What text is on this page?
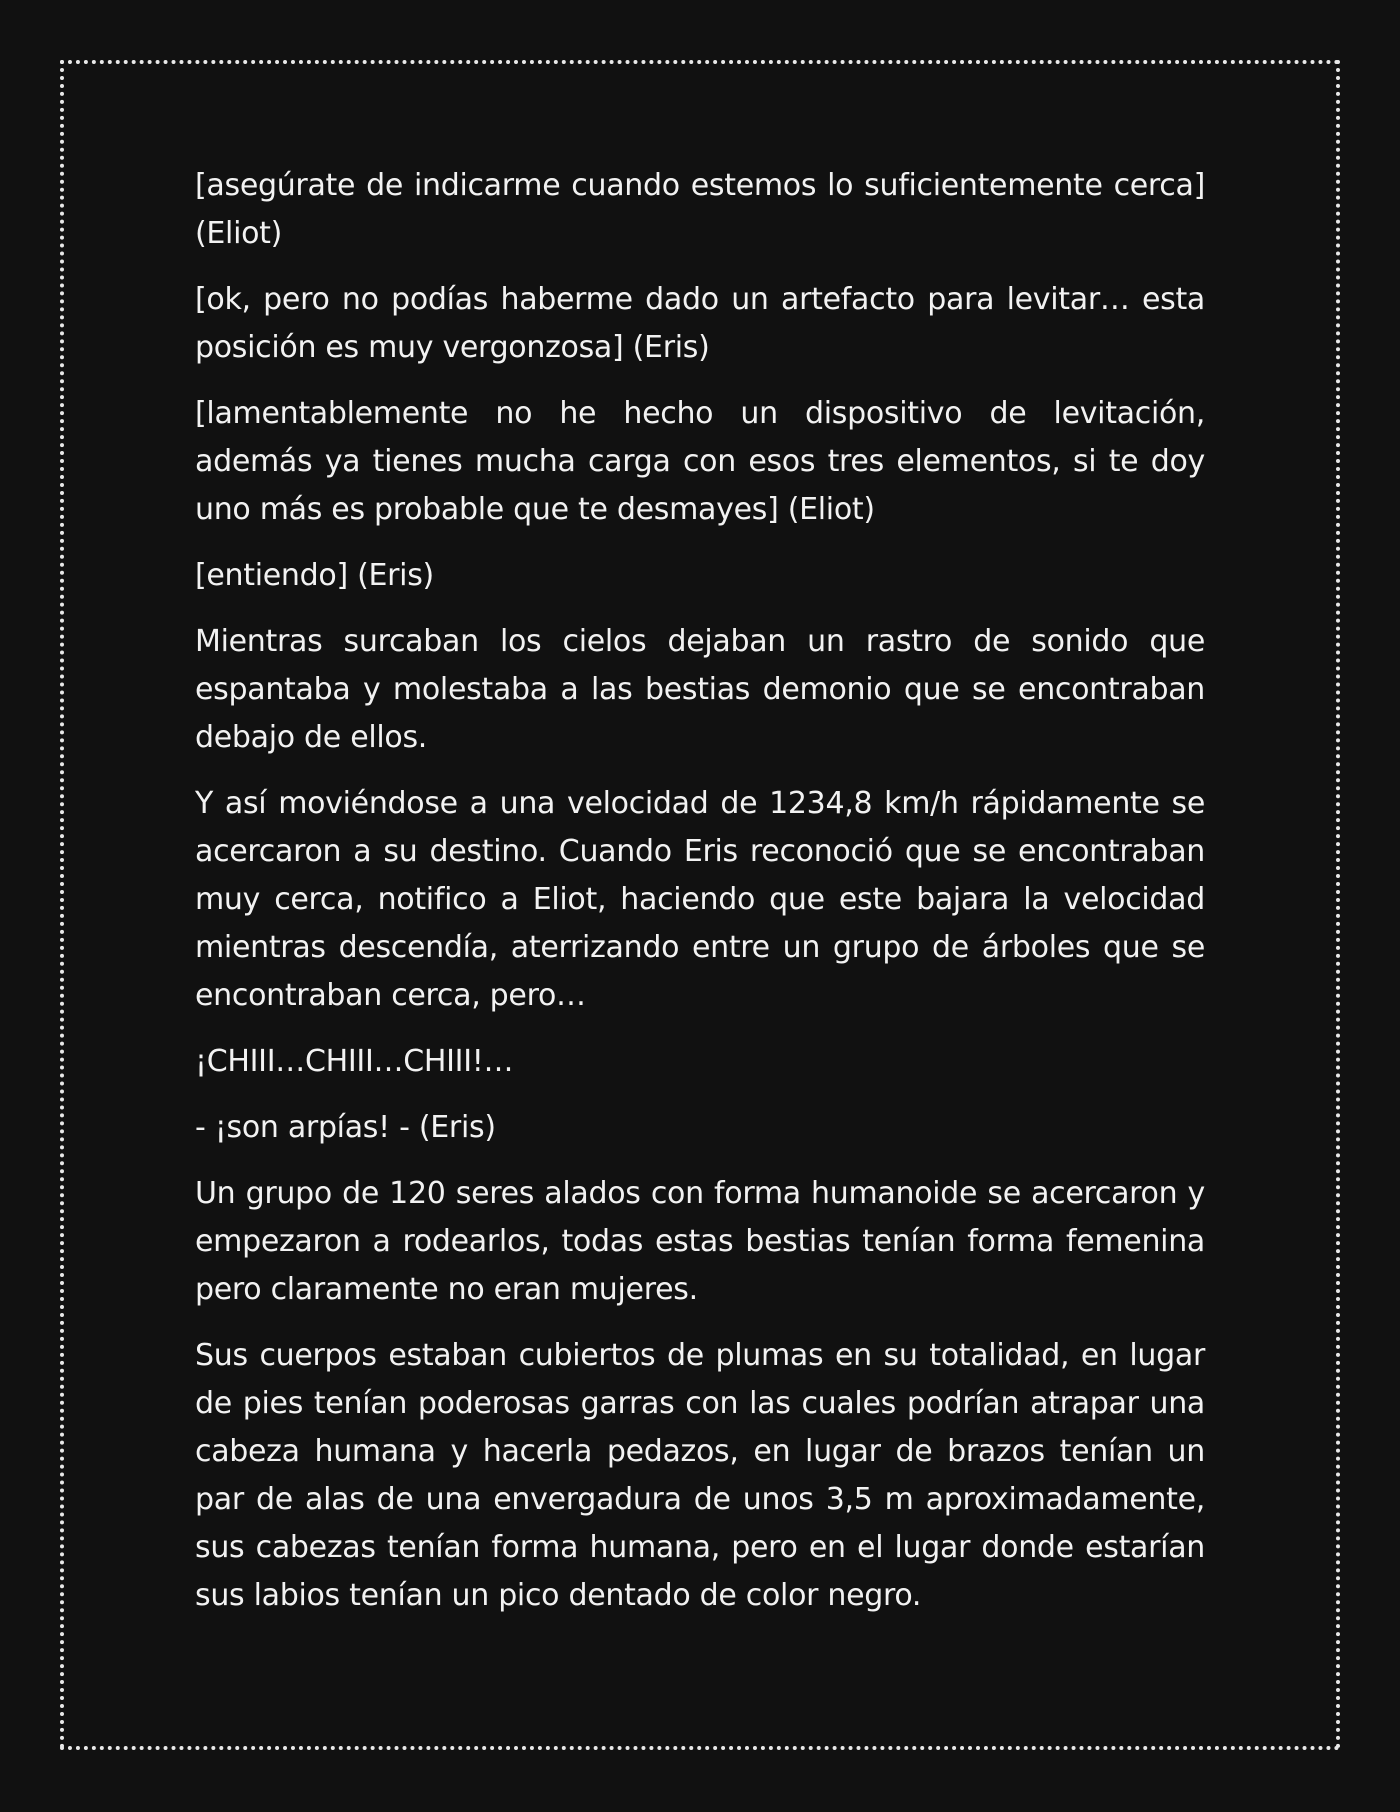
[asegúrate de indicarme cuando estemos lo suficientemente cerca] (Eliot)

[ok, pero no podías haberme dado un artefacto para levitar… esta posición es muy vergonzosa] (Eris)

[lamentablemente no he hecho un dispositivo de levitación, además ya tienes mucha carga con esos tres elementos, si te doy uno más es probable que te desmayes] (Eliot)

[entiendo] (Eris)

Mientras surcaban los cielos dejaban un rastro de sonido que espantaba y molestaba a las bestias demonio que se encontraban debajo de ellos.

Y así moviéndose a una velocidad de 1234,8 km/h rápidamente se acercaron a su destino. Cuando Eris reconoció que se encontraban muy cerca, notifico a Eliot, haciendo que este bajara la velocidad mientras descendía, aterrizando entre un grupo de árboles que se encontraban cerca, pero…

¡CHIII…CHIII…CHIII!…

- ¡son arpías! - (Eris)

Un grupo de 120 seres alados con forma humanoide se acercaron y empezaron a rodearlos, todas estas bestias tenían forma femenina pero claramente no eran mujeres.

Sus cuerpos estaban cubiertos de plumas en su totalidad, en lugar de pies tenían poderosas garras con las cuales podrían atrapar una cabeza humana y hacerla pedazos, en lugar de brazos tenían un par de alas de una envergadura de unos 3,5 m aproximadamente, sus cabezas tenían forma humana, pero en el lugar donde estarían sus labios tenían un pico dentado de color negro.
